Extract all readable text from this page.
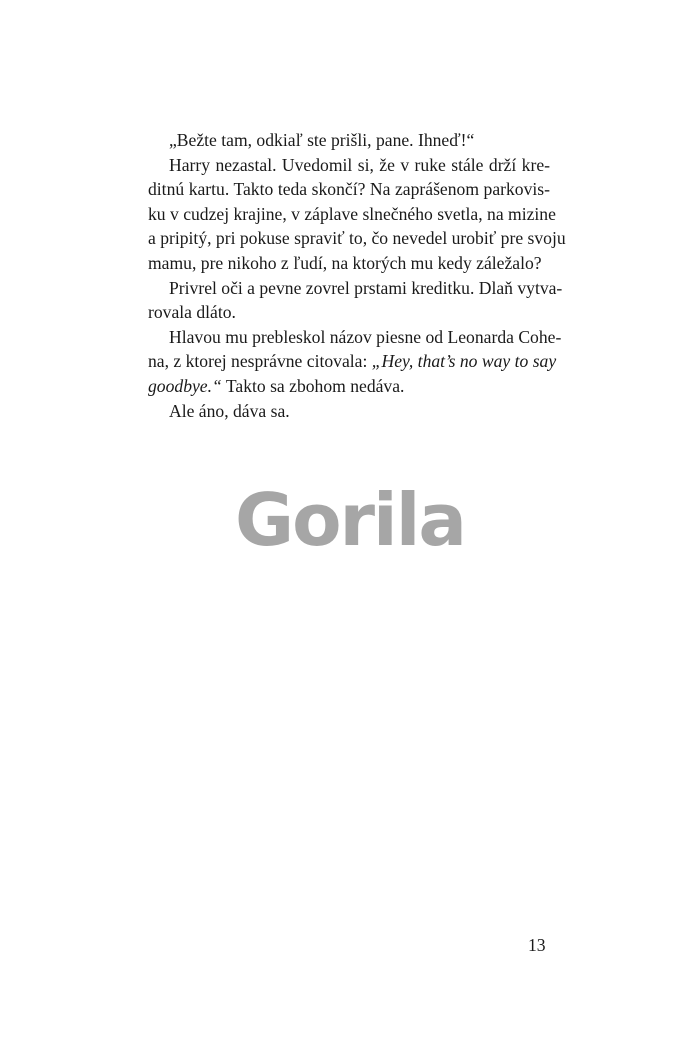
„Bežte tam, odkiaľ ste prišli, pane. Ihneď!“
Harry nezastal. Uvedomil si, že v ruke stále drží kre-
ditnú kartu. Takto teda skončí? Na zaprášenom parkovis-
ku v cudzej krajine, v záplave slnečného svetla, na mizine
a pripitý, pri pokuse spraviť to, čo nevedel urobiť pre svoju
mamu, pre nikoho z ľudí, na ktorých mu kedy záležalo?
Privrel oči a pevne zovrel prstami kreditku. Dlaň vytva-
rovala dláto.
Hlavou mu prebleskol názov piesne od Leonarda Cohe-
na, z ktorej nesprávne citovala: „Hey, that’s no way to say
goodbye.“ Takto sa zbohom nedáva.
Ale áno, dáva sa.
Gorila
13
